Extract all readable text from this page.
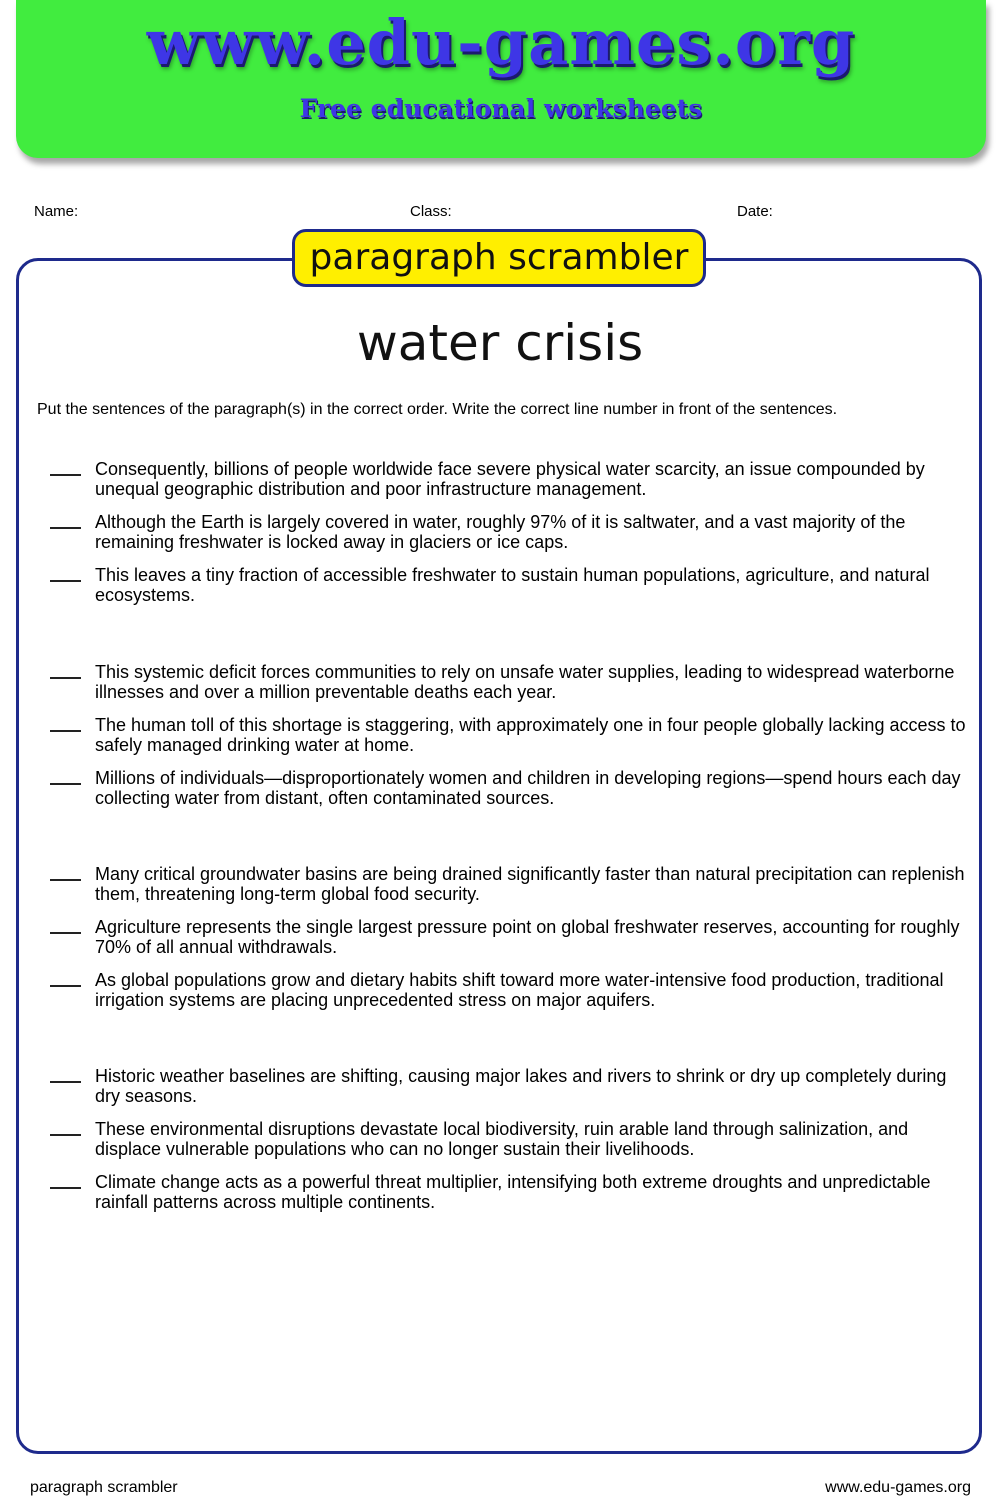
www.edu-games.org
Free educational worksheets
Name:	Class:	Date:
paragraph scrambler
water crisis
Put the sentences of the paragraph(s) in the correct order. Write the correct line number in front of the sentences.
Consequently, billions of people worldwide face severe physical water scarcity, an issue compounded by unequal geographic distribution and poor infrastructure management.
Although the Earth is largely covered in water, roughly 97% of it is saltwater, and a vast majority of the remaining freshwater is locked away in glaciers or ice caps.
This leaves a tiny fraction of accessible freshwater to sustain human populations, agriculture, and natural ecosystems.
This systemic deficit forces communities to rely on unsafe water supplies, leading to widespread waterborne illnesses and over a million preventable deaths each year.
The human toll of this shortage is staggering, with approximately one in four people globally lacking access to safely managed drinking water at home.
Millions of individuals—disproportionately women and children in developing regions—spend hours each day collecting water from distant, often contaminated sources.
Many critical groundwater basins are being drained significantly faster than natural precipitation can replenish them, threatening long-term global food security.
Agriculture represents the single largest pressure point on global freshwater reserves, accounting for roughly 70% of all annual withdrawals.
As global populations grow and dietary habits shift toward more water-intensive food production, traditional irrigation systems are placing unprecedented stress on major aquifers.
Historic weather baselines are shifting, causing major lakes and rivers to shrink or dry up completely during dry seasons.
These environmental disruptions devastate local biodiversity, ruin arable land through salinization, and displace vulnerable populations who can no longer sustain their livelihoods.
Climate change acts as a powerful threat multiplier, intensifying both extreme droughts and unpredictable rainfall patterns across multiple continents.
paragraph scrambler	www.edu-games.org
